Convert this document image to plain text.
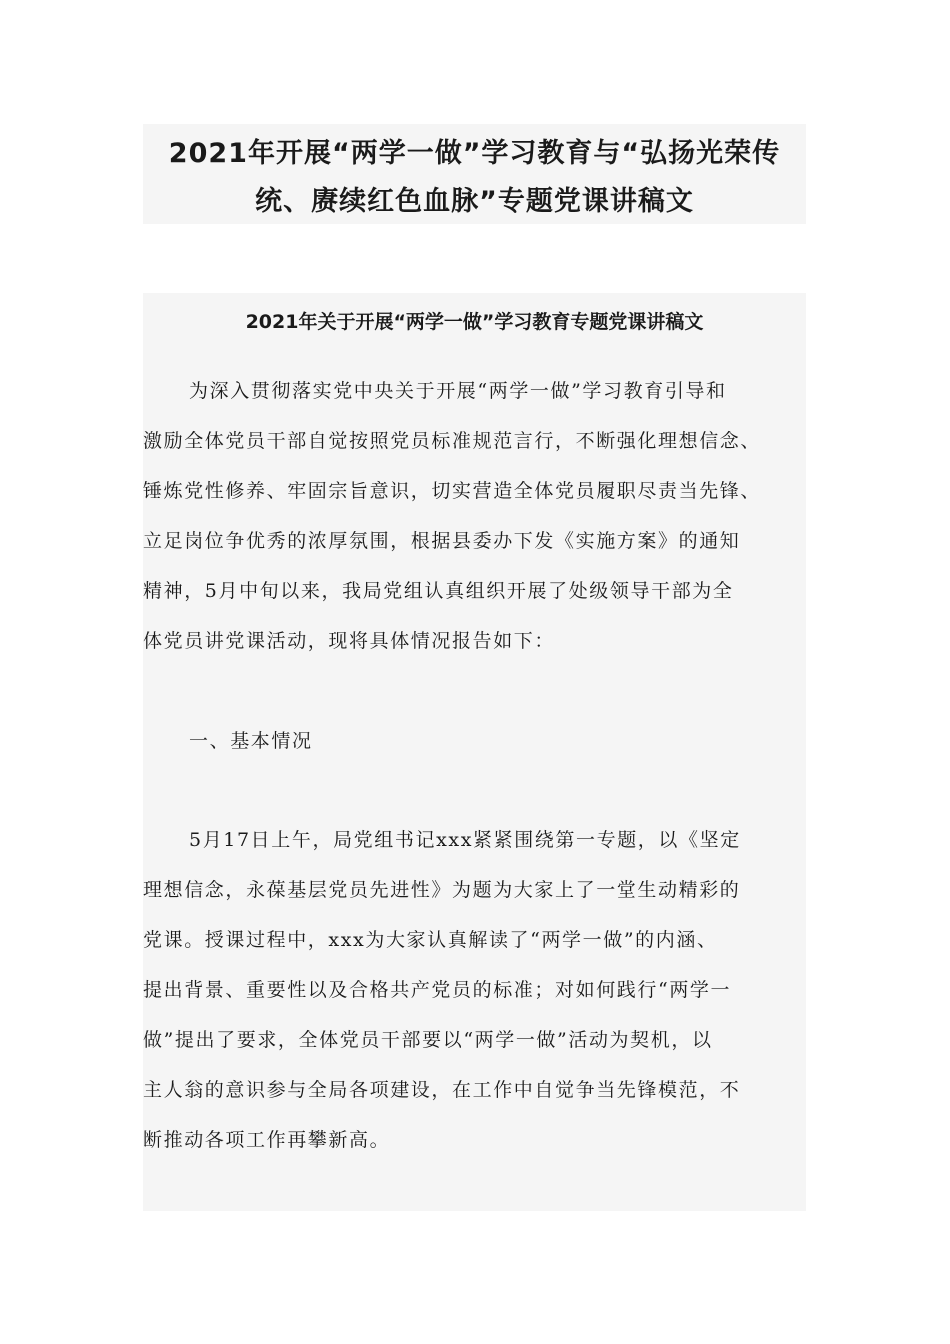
2021年开展“两学一做”学习教育与“弘扬光荣传
统、赓续红色血脉”专题党课讲稿文
2021年关于开展“两学一做”学习教育专题党课讲稿文
为深入贯彻落实党中央关于开展“两学一做”学习教育引导和
激励全体党员干部自觉按照党员标准规范言行，不断强化理想信念、
锤炼党性修养、牢固宗旨意识，切实营造全体党员履职尽责当先锋、
立足岗位争优秀的浓厚氛围，根据县委办下发《实施方案》的通知
精神，5月中旬以来，我局党组认真组织开展了处级领导干部为全
体党员讲党课活动，现将具体情况报告如下：
一、基本情况
5月17日上午，局党组书记xxx紧紧围绕第一专题，以《坚定
理想信念，永葆基层党员先进性》为题为大家上了一堂生动精彩的
党课。授课过程中，xxx为大家认真解读了“两学一做”的内涵、
提出背景、重要性以及合格共产党员的标准；对如何践行“两学一
做”提出了要求，全体党员干部要以“两学一做”活动为契机，以
主人翁的意识参与全局各项建设，在工作中自觉争当先锋模范，不
断推动各项工作再攀新高。
